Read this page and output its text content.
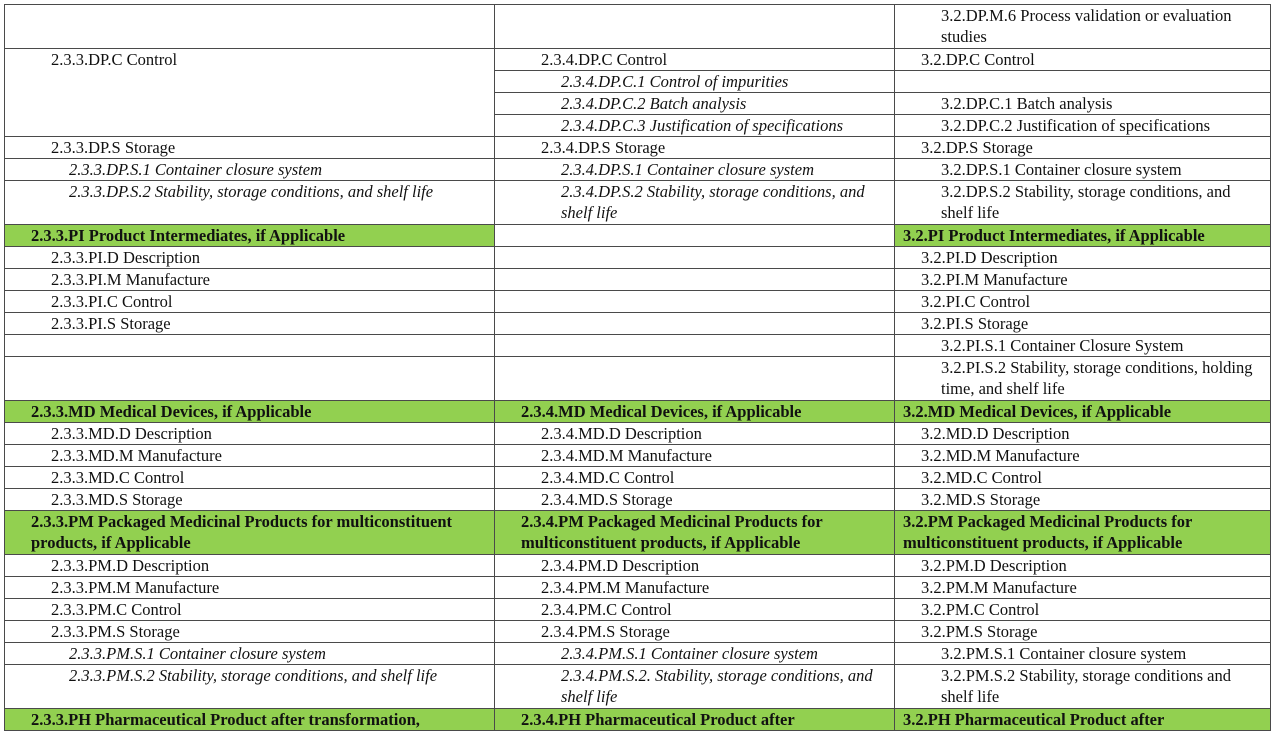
		3.2.DP.M.6 Process validation or evaluation studies
2.3.3.DP.C Control	2.3.4.DP.C Control	3.2.DP.C Control
	2.3.4.DP.C.1 Control of impurities	
	2.3.4.DP.C.2 Batch analysis	3.2.DP.C.1 Batch analysis
	2.3.4.DP.C.3 Justification of specifications	3.2.DP.C.2 Justification of specifications
2.3.3.DP.S Storage	2.3.4.DP.S Storage	3.2.DP.S Storage
2.3.3.DP.S.1 Container closure system	2.3.4.DP.S.1 Container closure system	3.2.DP.S.1 Container closure system
2.3.3.DP.S.2 Stability, storage conditions, and shelf life	2.3.4.DP.S.2 Stability, storage conditions, and shelf life	3.2.DP.S.2 Stability, storage conditions, and shelf life
2.3.3.PI Product Intermediates, if Applicable		3.2.PI Product Intermediates, if Applicable
2.3.3.PI.D Description		3.2.PI.D Description
2.3.3.PI.M Manufacture		3.2.PI.M Manufacture
2.3.3.PI.C Control		3.2.PI.C Control
2.3.3.PI.S Storage		3.2.PI.S Storage
		3.2.PI.S.1 Container Closure System
		3.2.PI.S.2 Stability, storage conditions, holding time, and shelf life
2.3.3.MD Medical Devices, if Applicable	2.3.4.MD Medical Devices, if Applicable	3.2.MD Medical Devices, if Applicable
2.3.3.MD.D Description	2.3.4.MD.D Description	3.2.MD.D Description
2.3.3.MD.M Manufacture	2.3.4.MD.M Manufacture	3.2.MD.M Manufacture
2.3.3.MD.C Control	2.3.4.MD.C Control	3.2.MD.C Control
2.3.3.MD.S Storage	2.3.4.MD.S Storage	3.2.MD.S Storage
2.3.3.PM Packaged Medicinal Products for multiconstituent products, if Applicable	2.3.4.PM Packaged Medicinal Products for multiconstituent products, if Applicable	3.2.PM Packaged Medicinal Products for multiconstituent products, if Applicable
2.3.3.PM.D Description	2.3.4.PM.D Description	3.2.PM.D Description
2.3.3.PM.M Manufacture	2.3.4.PM.M Manufacture	3.2.PM.M Manufacture
2.3.3.PM.C Control	2.3.4.PM.C Control	3.2.PM.C Control
2.3.3.PM.S Storage	2.3.4.PM.S Storage	3.2.PM.S Storage
2.3.3.PM.S.1 Container closure system	2.3.4.PM.S.1 Container closure system	3.2.PM.S.1 Container closure system
2.3.3.PM.S.2 Stability, storage conditions, and shelf life	2.3.4.PM.S.2. Stability, storage conditions, and shelf life	3.2.PM.S.2 Stability, storage conditions and shelf life
2.3.3.PH Pharmaceutical Product after transformation,	2.3.4.PH Pharmaceutical Product after	3.2.PH Pharmaceutical Product after
